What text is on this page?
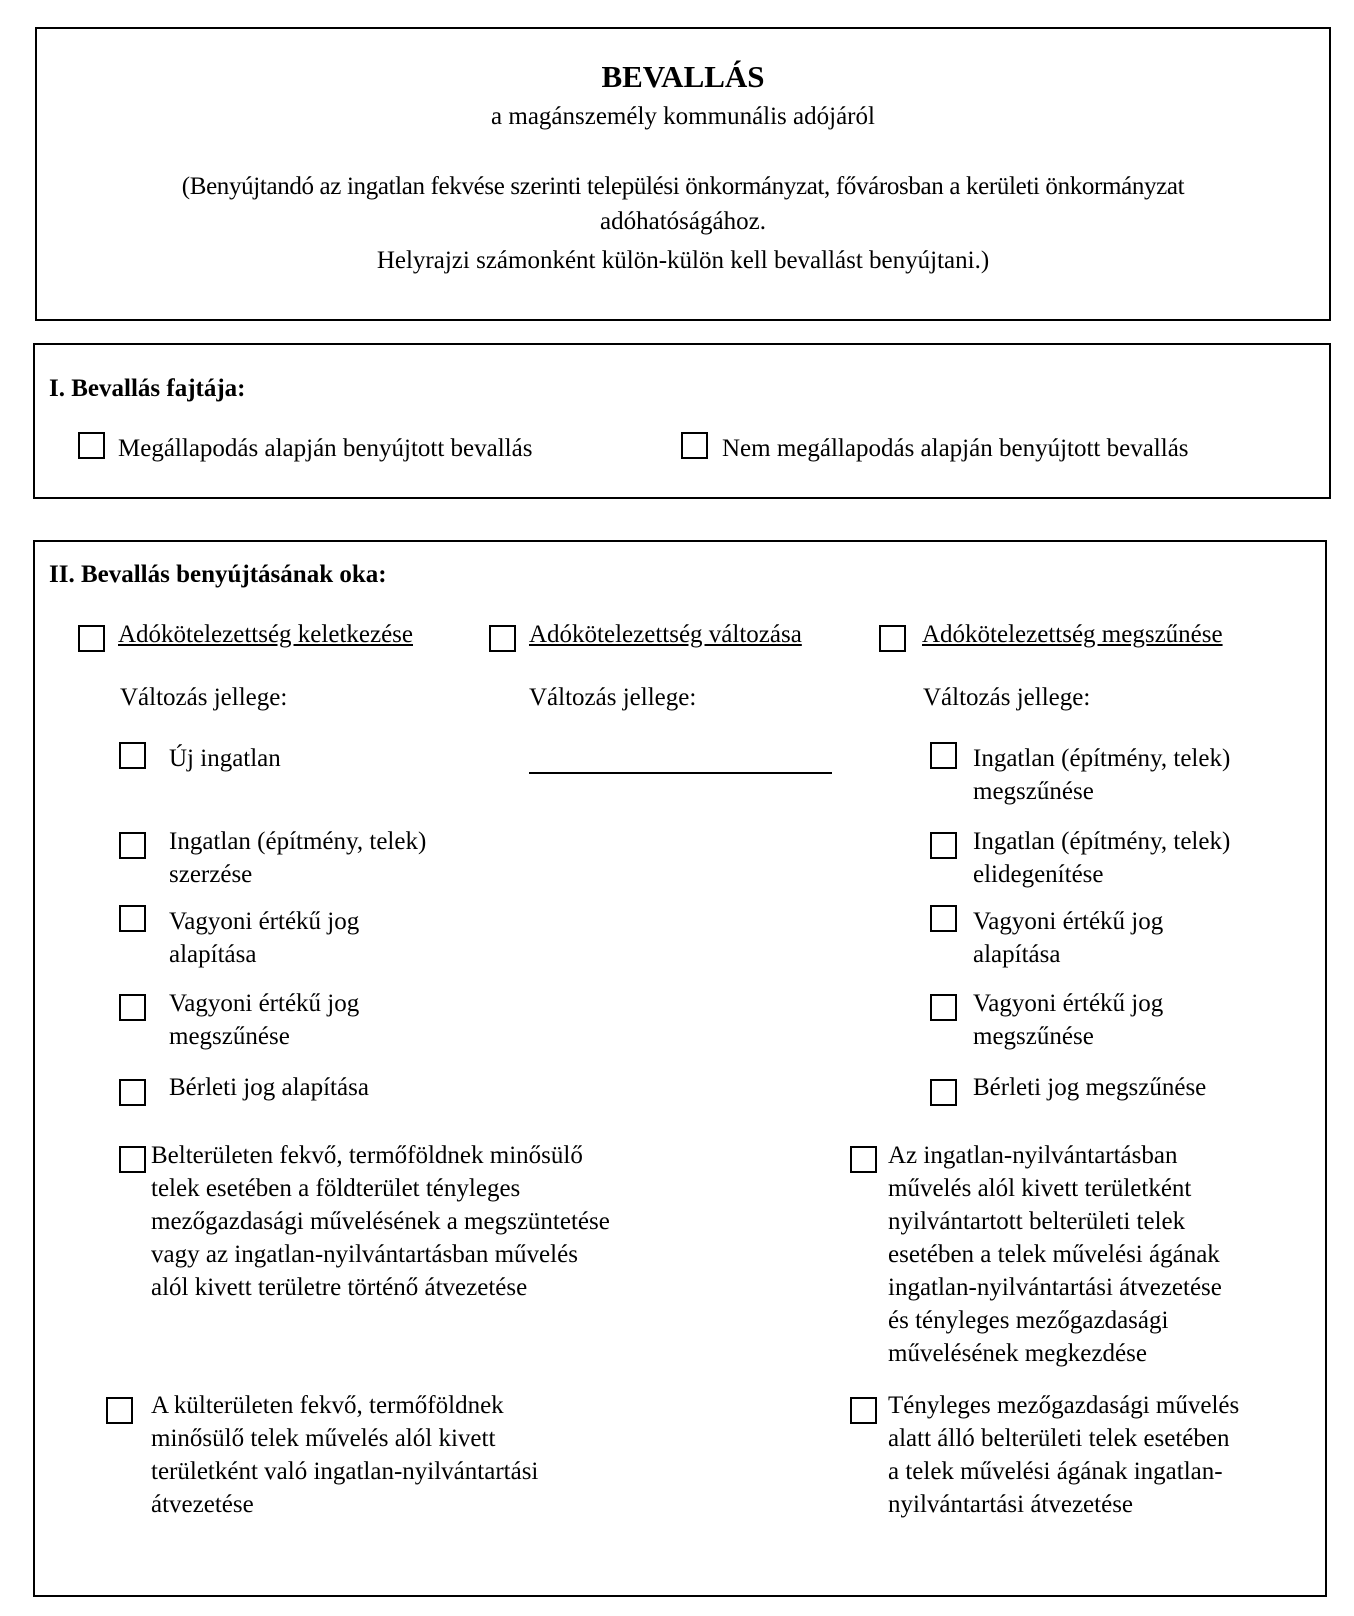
BEVALLÁS
a magánszemély kommunális adójáról
(Benyújtandó az ingatlan fekvése szerinti települési önkormányzat, fővárosban a kerületi önkormányzat
adóhatóságához.
Helyrajzi számonként külön-külön kell bevallást benyújtani.)
I. Bevallás fajtája:
Megállapodás alapján benyújtott bevallás	Nem megállapodás alapján benyújtott bevallás
II. Bevallás benyújtásának oka:
Adókötelezettség keletkezése	Adókötelezettség változása	Adókötelezettség megszűnése
Változás jellege:	Változás jellege:	Változás jellege:
Új ingatlan
Ingatlan (építmény, telek)
szerzése
Vagyoni értékű jog
alapítása
Vagyoni értékű jog
megszűnése
Bérleti jog alapítása
Belterületen fekvő, termőföldnek minősülő
telek esetében a földterület tényleges
mezőgazdasági művelésének a megszüntetése
vagy az ingatlan-nyilvántartásban művelés
alól kivett területre történő átvezetése
A külterületen fekvő, termőföldnek
minősülő telek művelés alól kivett
területként való ingatlan-nyilvántartási
átvezetése
Ingatlan (építmény, telek)
megszűnése
Ingatlan (építmény, telek)
elidegenítése
Vagyoni értékű jog
alapítása
Vagyoni értékű jog
megszűnése
Bérleti jog megszűnése
Az ingatlan-nyilvántartásban
művelés alól kivett területként
nyilvántartott belterületi telek
esetében a telek művelési ágának
ingatlan-nyilvántartási átvezetése
és tényleges mezőgazdasági
művelésének megkezdése
Tényleges mezőgazdasági művelés
alatt álló belterületi telek esetében
a telek művelési ágának ingatlan-
nyilvántartási átvezetése
